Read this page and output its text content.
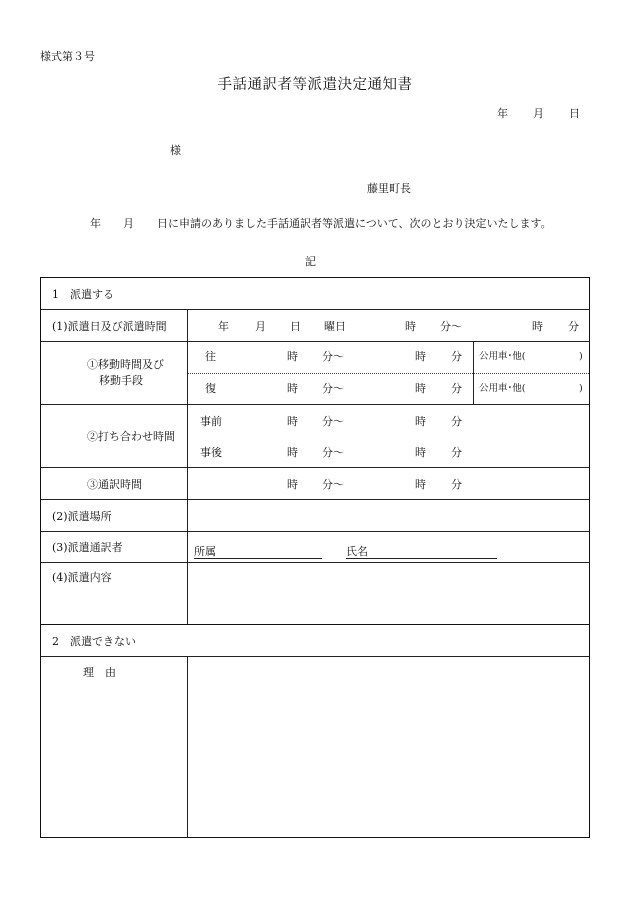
様式第３号
手話通訳者等派遣決定通知書
年 月 日
様
藤里町長
年 月 日に申請のありました手話通訳者等派遣について、次のとおり決定いたします。
記
1　派遣する
(1)派遣日及び派遣時間	年 月 日 曜日	時 分～	時 分
①移動時間及び
移動手段
往	時 分～	時 分 公用車･他(	)
復	時 分～	時 分 公用車･他(	)
②打ち合わせ時間
事前	時 分～	時 分
事後	時 分～	時 分
③通訳時間	時 分～	時 分
(2)派遣場所
(3)派遣通訳者	所属	氏名
(4)派遣内容
2　派遣できない
理　由
